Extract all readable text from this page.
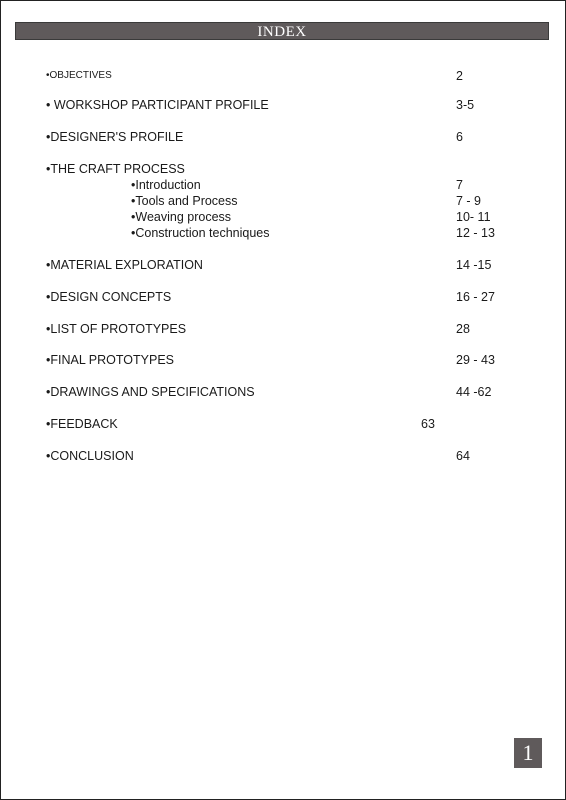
INDEX
•OBJECTIVES	2
• WORKSHOP PARTICIPANT PROFILE	3-5
•DESIGNER'S PROFILE	6
•THE CRAFT PROCESS
•Introduction	7
•Tools and Process	7 - 9
•Weaving process	10- 11
•Construction techniques	12 - 13
•MATERIAL EXPLORATION	14 -15
•DESIGN CONCEPTS	16 - 27
•LIST OF PROTOTYPES	28
•FINAL PROTOTYPES	29 - 43
•DRAWINGS AND SPECIFICATIONS	44 -62
•FEEDBACK	63
•CONCLUSION	64
1
